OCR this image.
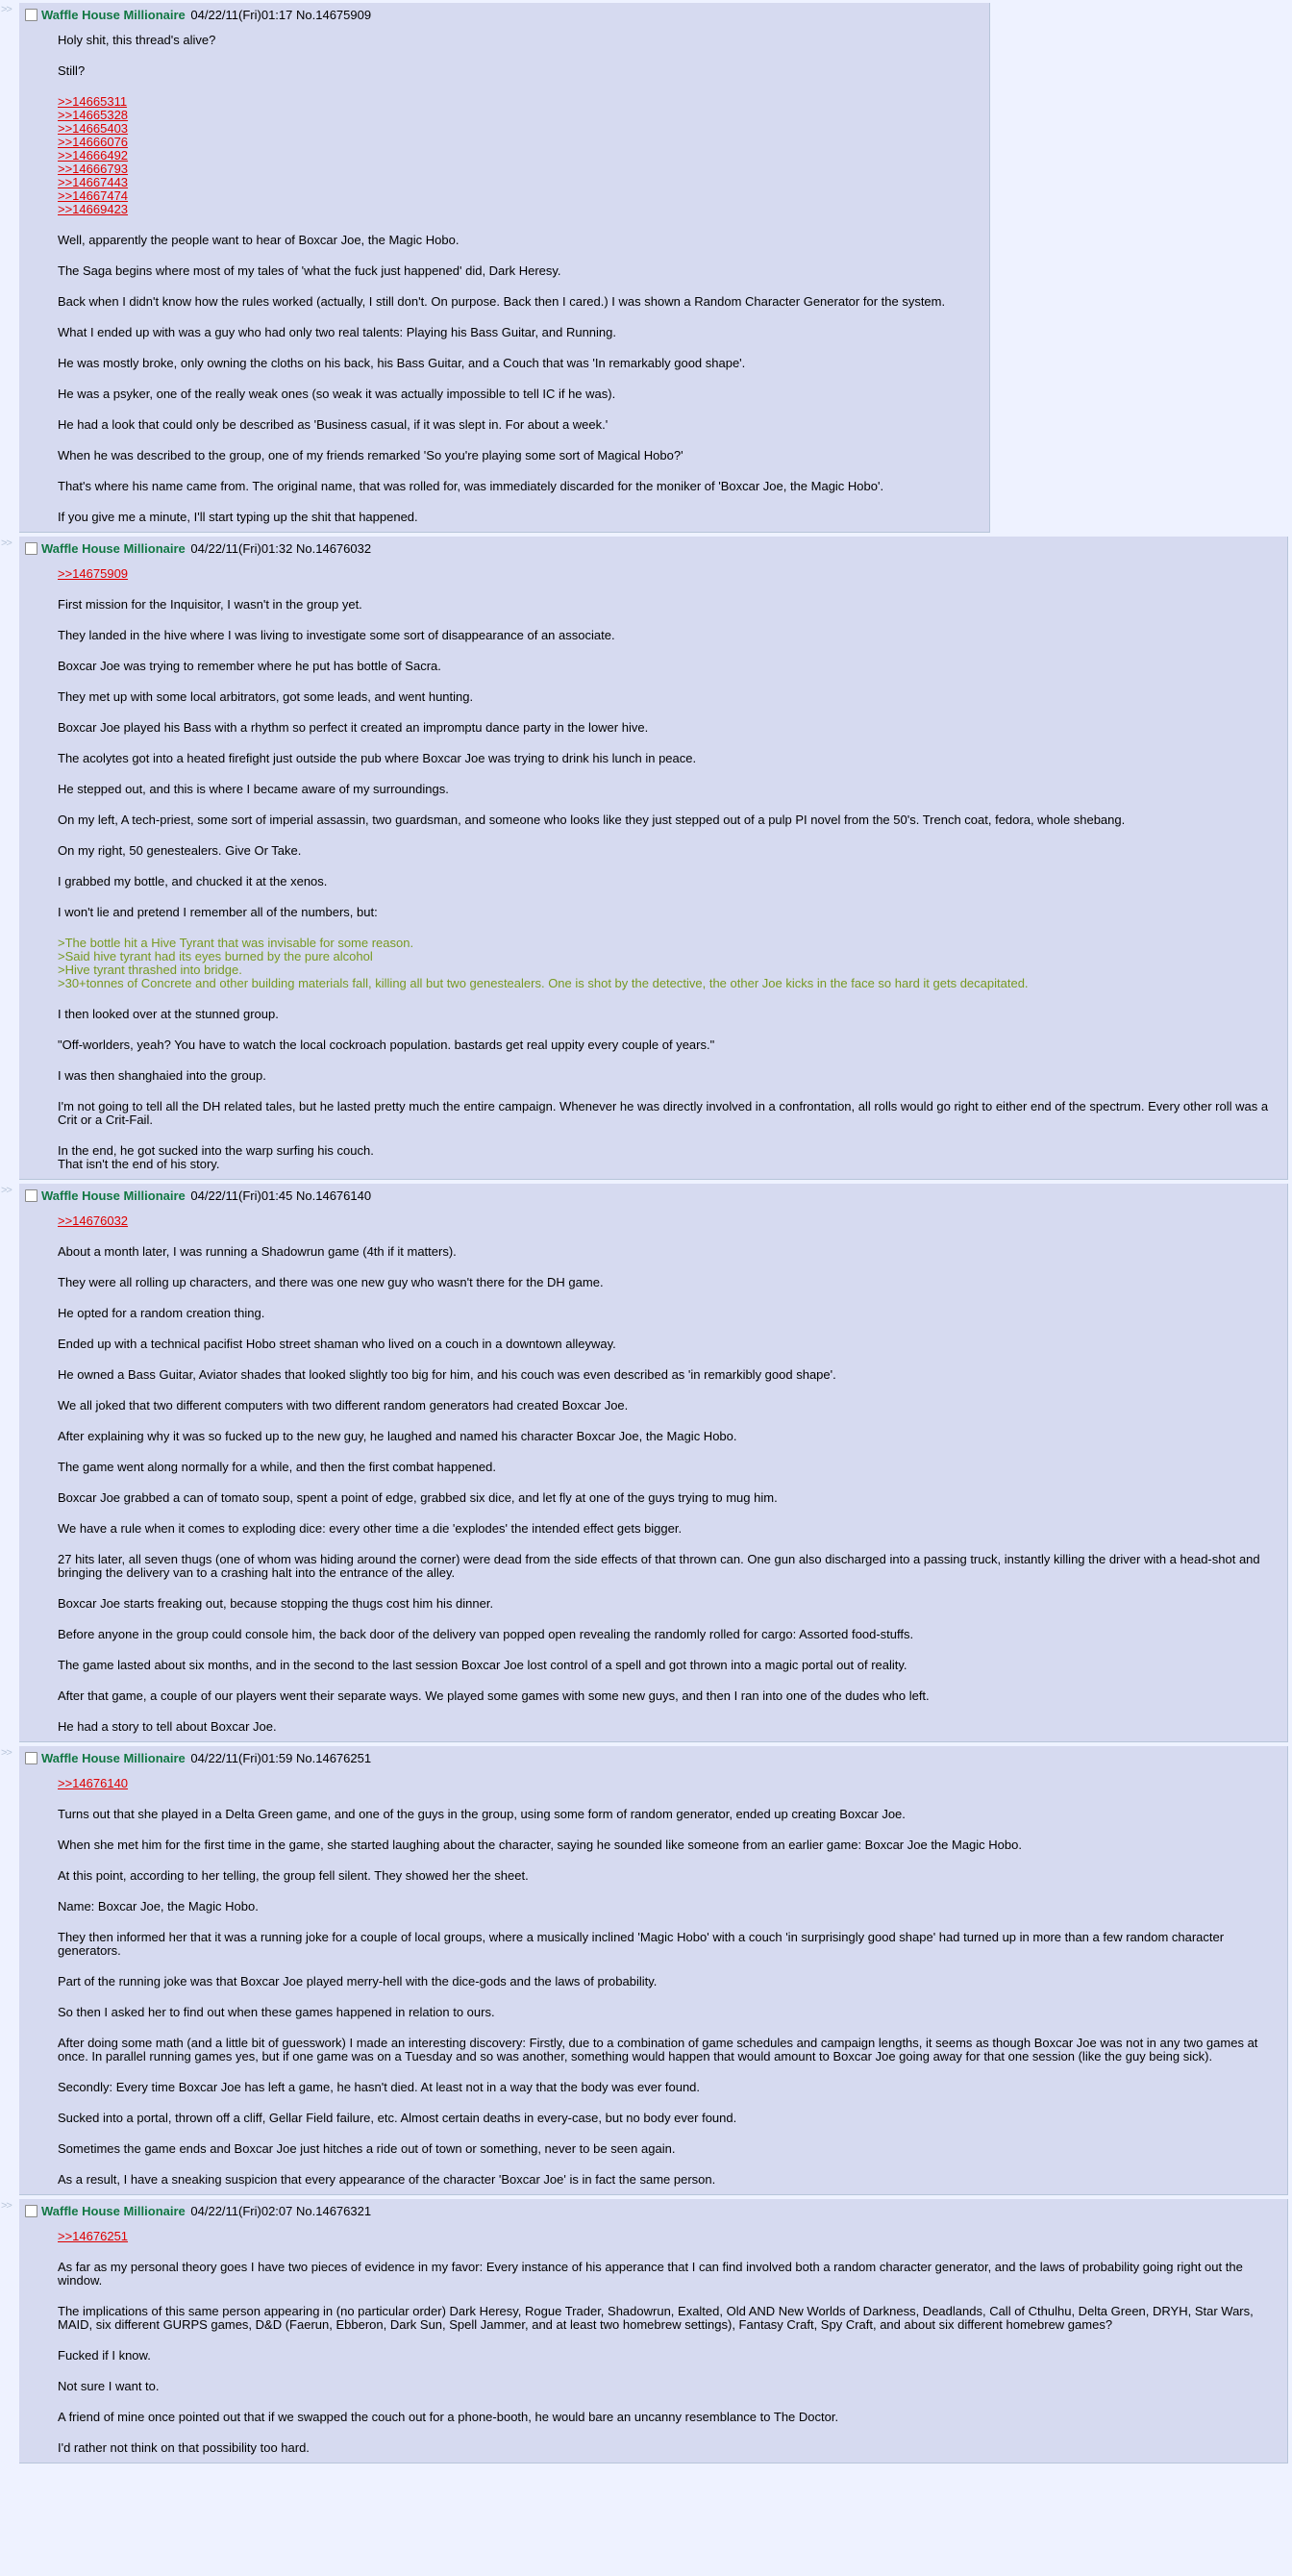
>>	Waffle House Millionaire 04/22/11(Fri)01:17 No.14675909

Holy shit, this thread's alive?

Still?

>>14665311
>>14665328
>>14665403
>>14666076
>>14666492
>>14666793
>>14667443
>>14667474
>>14669423

Well, apparently the people want to hear of Boxcar Joe, the Magic Hobo.

The Saga begins where most of my tales of 'what the fuck just happened' did, Dark Heresy.

Back when I didn't know how the rules worked (actually, I still don't. On purpose. Back then I cared.) I was shown a Random Character Generator for the system.

What I ended up with was a guy who had only two real talents: Playing his Bass Guitar, and Running.

He was mostly broke, only owning the cloths on his back, his Bass Guitar, and a Couch that was 'In remarkably good shape'.

He was a psyker, one of the really weak ones (so weak it was actually impossible to tell IC if he was).

He had a look that could only be described as 'Business casual, if it was slept in. For about a week.'

When he was described to the group, one of my friends remarked 'So you're playing some sort of Magical Hobo?'

That's where his name came from. The original name, that was rolled for, was immediately discarded for the moniker of 'Boxcar Joe, the Magic Hobo'.

If you give me a minute, I'll start typing up the shit that happened.

>>	Waffle House Millionaire 04/22/11(Fri)01:32 No.14676032

>>14675909

First mission for the Inquisitor, I wasn't in the group yet.

They landed in the hive where I was living to investigate some sort of disappearance of an associate.

Boxcar Joe was trying to remember where he put has bottle of Sacra.

They met up with some local arbitrators, got some leads, and went hunting.

Boxcar Joe played his Bass with a rhythm so perfect it created an impromptu dance party in the lower hive.

The acolytes got into a heated firefight just outside the pub where Boxcar Joe was trying to drink his lunch in peace.

He stepped out, and this is where I became aware of my surroundings.

On my left, A tech-priest, some sort of imperial assassin, two guardsman, and someone who looks like they just stepped out of a pulp PI novel from the 50's. Trench coat, fedora, whole shebang.

On my right, 50 genestealers. Give Or Take.

I grabbed my bottle, and chucked it at the xenos.

I won't lie and pretend I remember all of the numbers, but:

>The bottle hit a Hive Tyrant that was invisable for some reason.
>Said hive tyrant had its eyes burned by the pure alcohol
>Hive tyrant thrashed into bridge.
>30+tonnes of Concrete and other building materials fall, killing all but two genestealers. One is shot by the detective, the other Joe kicks in the face so hard it gets decapitated.

I then looked over at the stunned group.

"Off-worlders, yeah? You have to watch the local cockroach population. bastards get real uppity every couple of years."

I was then shanghaied into the group.

I'm not going to tell all the DH related tales, but he lasted pretty much the entire campaign. Whenever he was directly involved in a confrontation, all rolls would go right to either end of the spectrum. Every other roll was a Crit or a Crit-Fail.

In the end, he got sucked into the warp surfing his couch.
That isn't the end of his story.

>>	Waffle House Millionaire 04/22/11(Fri)01:45 No.14676140

>>14676032

About a month later, I was running a Shadowrun game (4th if it matters).

They were all rolling up characters, and there was one new guy who wasn't there for the DH game.

He opted for a random creation thing.

Ended up with a technical pacifist Hobo street shaman who lived on a couch in a downtown alleyway.

He owned a Bass Guitar, Aviator shades that looked slightly too big for him, and his couch was even described as 'in remarkibly good shape'.

We all joked that two different computers with two different random generators had created Boxcar Joe.

After explaining why it was so fucked up to the new guy, he laughed and named his character Boxcar Joe, the Magic Hobo.

The game went along normally for a while, and then the first combat happened.

Boxcar Joe grabbed a can of tomato soup, spent a point of edge, grabbed six dice, and let fly at one of the guys trying to mug him.

We have a rule when it comes to exploding dice: every other time a die 'explodes' the intended effect gets bigger.

27 hits later, all seven thugs (one of whom was hiding around the corner) were dead from the side effects of that thrown can. One gun also discharged into a passing truck, instantly killing the driver with a head-shot and bringing the delivery van to a crashing halt into the entrance of the alley.

Boxcar Joe starts freaking out, because stopping the thugs cost him his dinner.

Before anyone in the group could console him, the back door of the delivery van popped open revealing the randomly rolled for cargo: Assorted food-stuffs.

The game lasted about six months, and in the second to the last session Boxcar Joe lost control of a spell and got thrown into a magic portal out of reality.

After that game, a couple of our players went their separate ways. We played some games with some new guys, and then I ran into one of the dudes who left.

He had a story to tell about Boxcar Joe.

>>	Waffle House Millionaire 04/22/11(Fri)01:59 No.14676251

>>14676140

Turns out that she played in a Delta Green game, and one of the guys in the group, using some form of random generator, ended up creating Boxcar Joe.

When she met him for the first time in the game, she started laughing about the character, saying he sounded like someone from an earlier game: Boxcar Joe the Magic Hobo.

At this point, according to her telling, the group fell silent. They showed her the sheet.

Name: Boxcar Joe, the Magic Hobo.

They then informed her that it was a running joke for a couple of local groups, where a musically inclined 'Magic Hobo' with a couch 'in surprisingly good shape' had turned up in more than a few random character generators.

Part of the running joke was that Boxcar Joe played merry-hell with the dice-gods and the laws of probability.

So then I asked her to find out when these games happened in relation to ours.

After doing some math (and a little bit of guesswork) I made an interesting discovery: Firstly, due to a combination of game schedules and campaign lengths, it seems as though Boxcar Joe was not in any two games at once. In parallel running games yes, but if one game was on a Tuesday and so was another, something would happen that would amount to Boxcar Joe going away for that one session (like the guy being sick).

Secondly: Every time Boxcar Joe has left a game, he hasn't died. At least not in a way that the body was ever found.

Sucked into a portal, thrown off a cliff, Gellar Field failure, etc. Almost certain deaths in every-case, but no body ever found.

Sometimes the game ends and Boxcar Joe just hitches a ride out of town or something, never to be seen again.

As a result, I have a sneaking suspicion that every appearance of the character 'Boxcar Joe' is in fact the same person.

>>	Waffle House Millionaire 04/22/11(Fri)02:07 No.14676321

>>14676251

As far as my personal theory goes I have two pieces of evidence in my favor: Every instance of his apperance that I can find involved both a random character generator, and the laws of probability going right out the window.

The implications of this same person appearing in (no particular order) Dark Heresy, Rogue Trader, Shadowrun, Exalted, Old AND New Worlds of Darkness, Deadlands, Call of Cthulhu, Delta Green, DRYH, Star Wars, MAID, six different GURPS games, D&D (Faerun, Ebberon, Dark Sun, Spell Jammer, and at least two homebrew settings), Fantasy Craft, Spy Craft, and about six different homebrew games?

Fucked if I know.

Not sure I want to.

A friend of mine once pointed out that if we swapped the couch out for a phone-booth, he would bare an uncanny resemblance to The Doctor.

I'd rather not think on that possibility too hard.
